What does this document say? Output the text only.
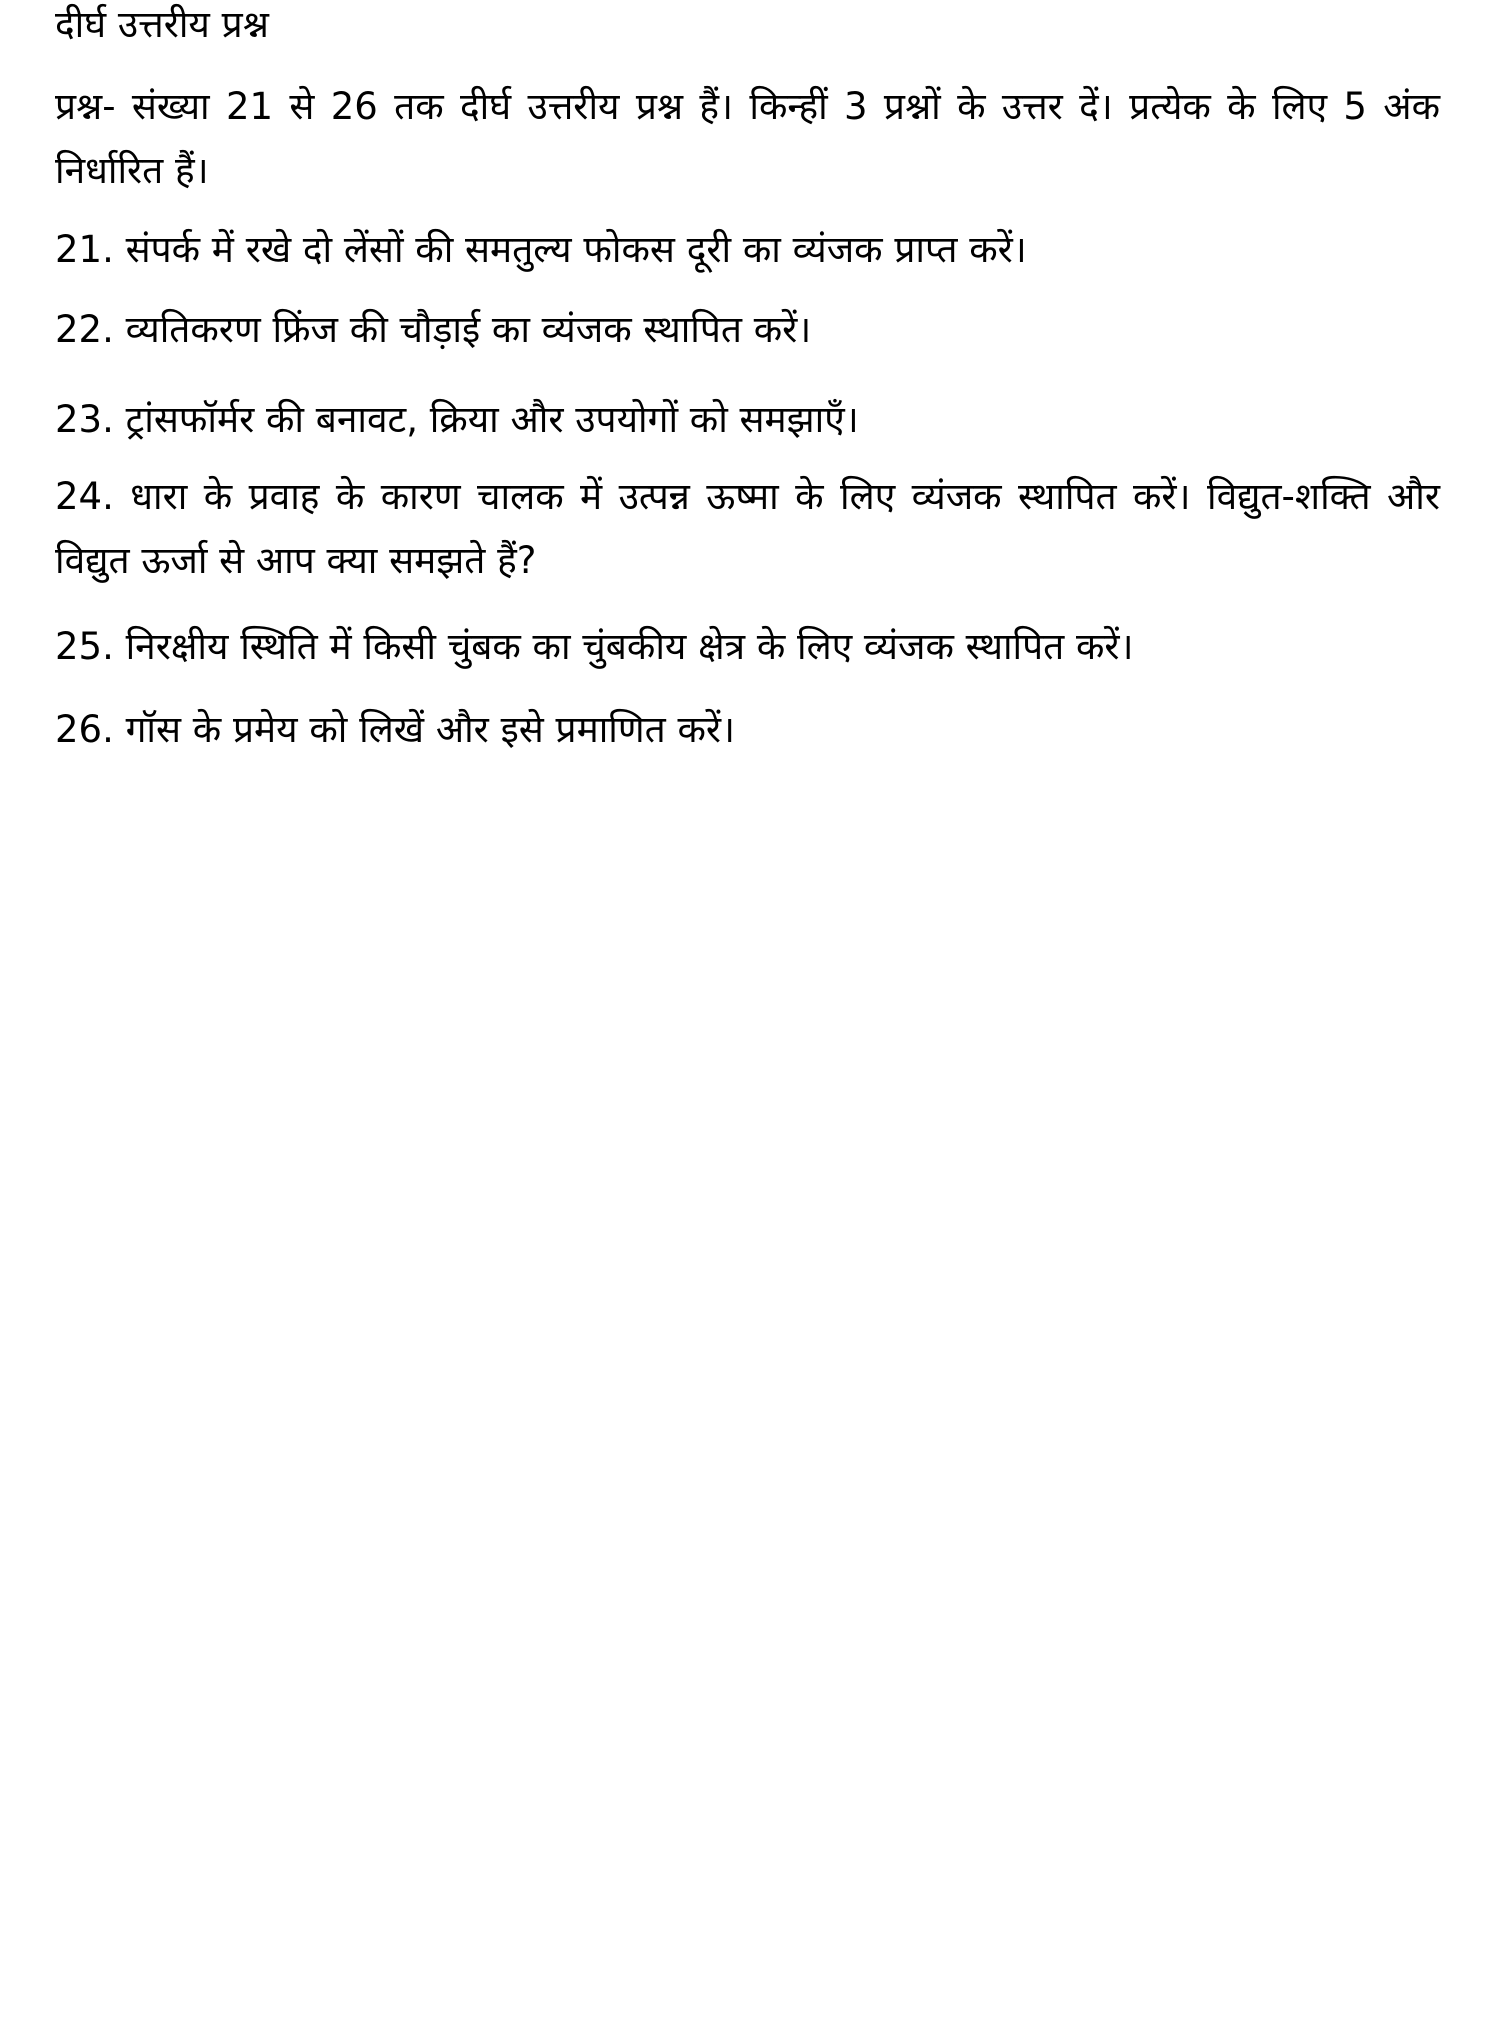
दीर्घ उत्तरीय प्रश्न

प्रश्न- संख्या 21 से 26 तक दीर्घ उत्तरीय प्रश्न हैं। किन्हीं 3 प्रश्नों के उत्तर दें। प्रत्येक के लिए 5 अंक निर्धारित हैं।

21. संपर्क में रखे दो लेंसों की समतुल्य फोकस दूरी का व्यंजक प्राप्त करें।

22. व्यतिकरण फ्रिंज की चौड़ाई का व्यंजक स्थापित करें।

23. ट्रांसफॉर्मर की बनावट, क्रिया और उपयोगों को समझाएँ।

24. धारा के प्रवाह के कारण चालक में उत्पन्न ऊष्मा के लिए व्यंजक स्थापित करें। विद्युत-शक्ति और विद्युत ऊर्जा से आप क्या समझते हैं?

25. निरक्षीय स्थिति में किसी चुंबक का चुंबकीय क्षेत्र के लिए व्यंजक स्थापित करें।

26. गॉस के प्रमेय को लिखें और इसे प्रमाणित करें।
